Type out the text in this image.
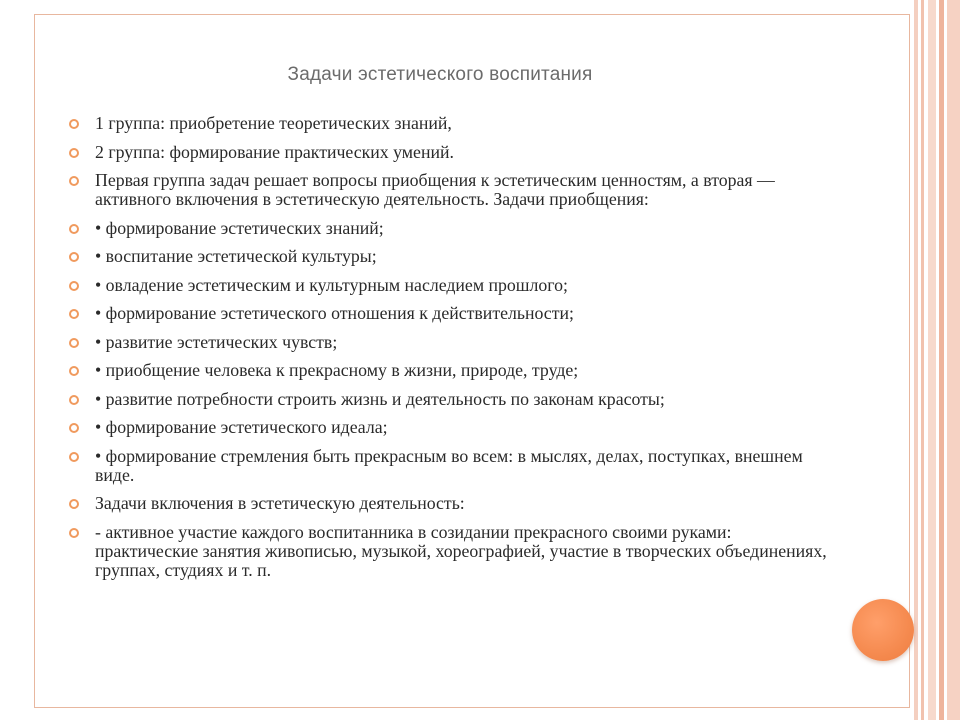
Задачи эстетического воспитания
1 группа: приобретение теоретических знаний,
2 группа: формирование практических умений.
Первая группа задач решает вопросы приобщения к эстетическим ценностям, а вторая — активного включения в эстетическую деятельность. Задачи приобщения:
• формирование эстетических знаний;
• воспитание эстетической культуры;
• овладение эстетическим и культурным наследием прошлого;
• формирование эстетического отношения к действительности;
• развитие эстетических чувств;
• приобщение человека к прекрасному в жизни, природе, труде;
• развитие потребности строить жизнь и деятельность по законам красоты;
• формирование эстетического идеала;
• формирование стремления быть прекрасным во всем: в мыслях, делах, поступках, внешнем виде.
Задачи включения в эстетическую деятельность:
- активное участие каждого воспитанника в созидании прекрасного своими руками: практические занятия живописью, музыкой, хореографией, участие в творческих объединениях, группах, студиях и т. п.
